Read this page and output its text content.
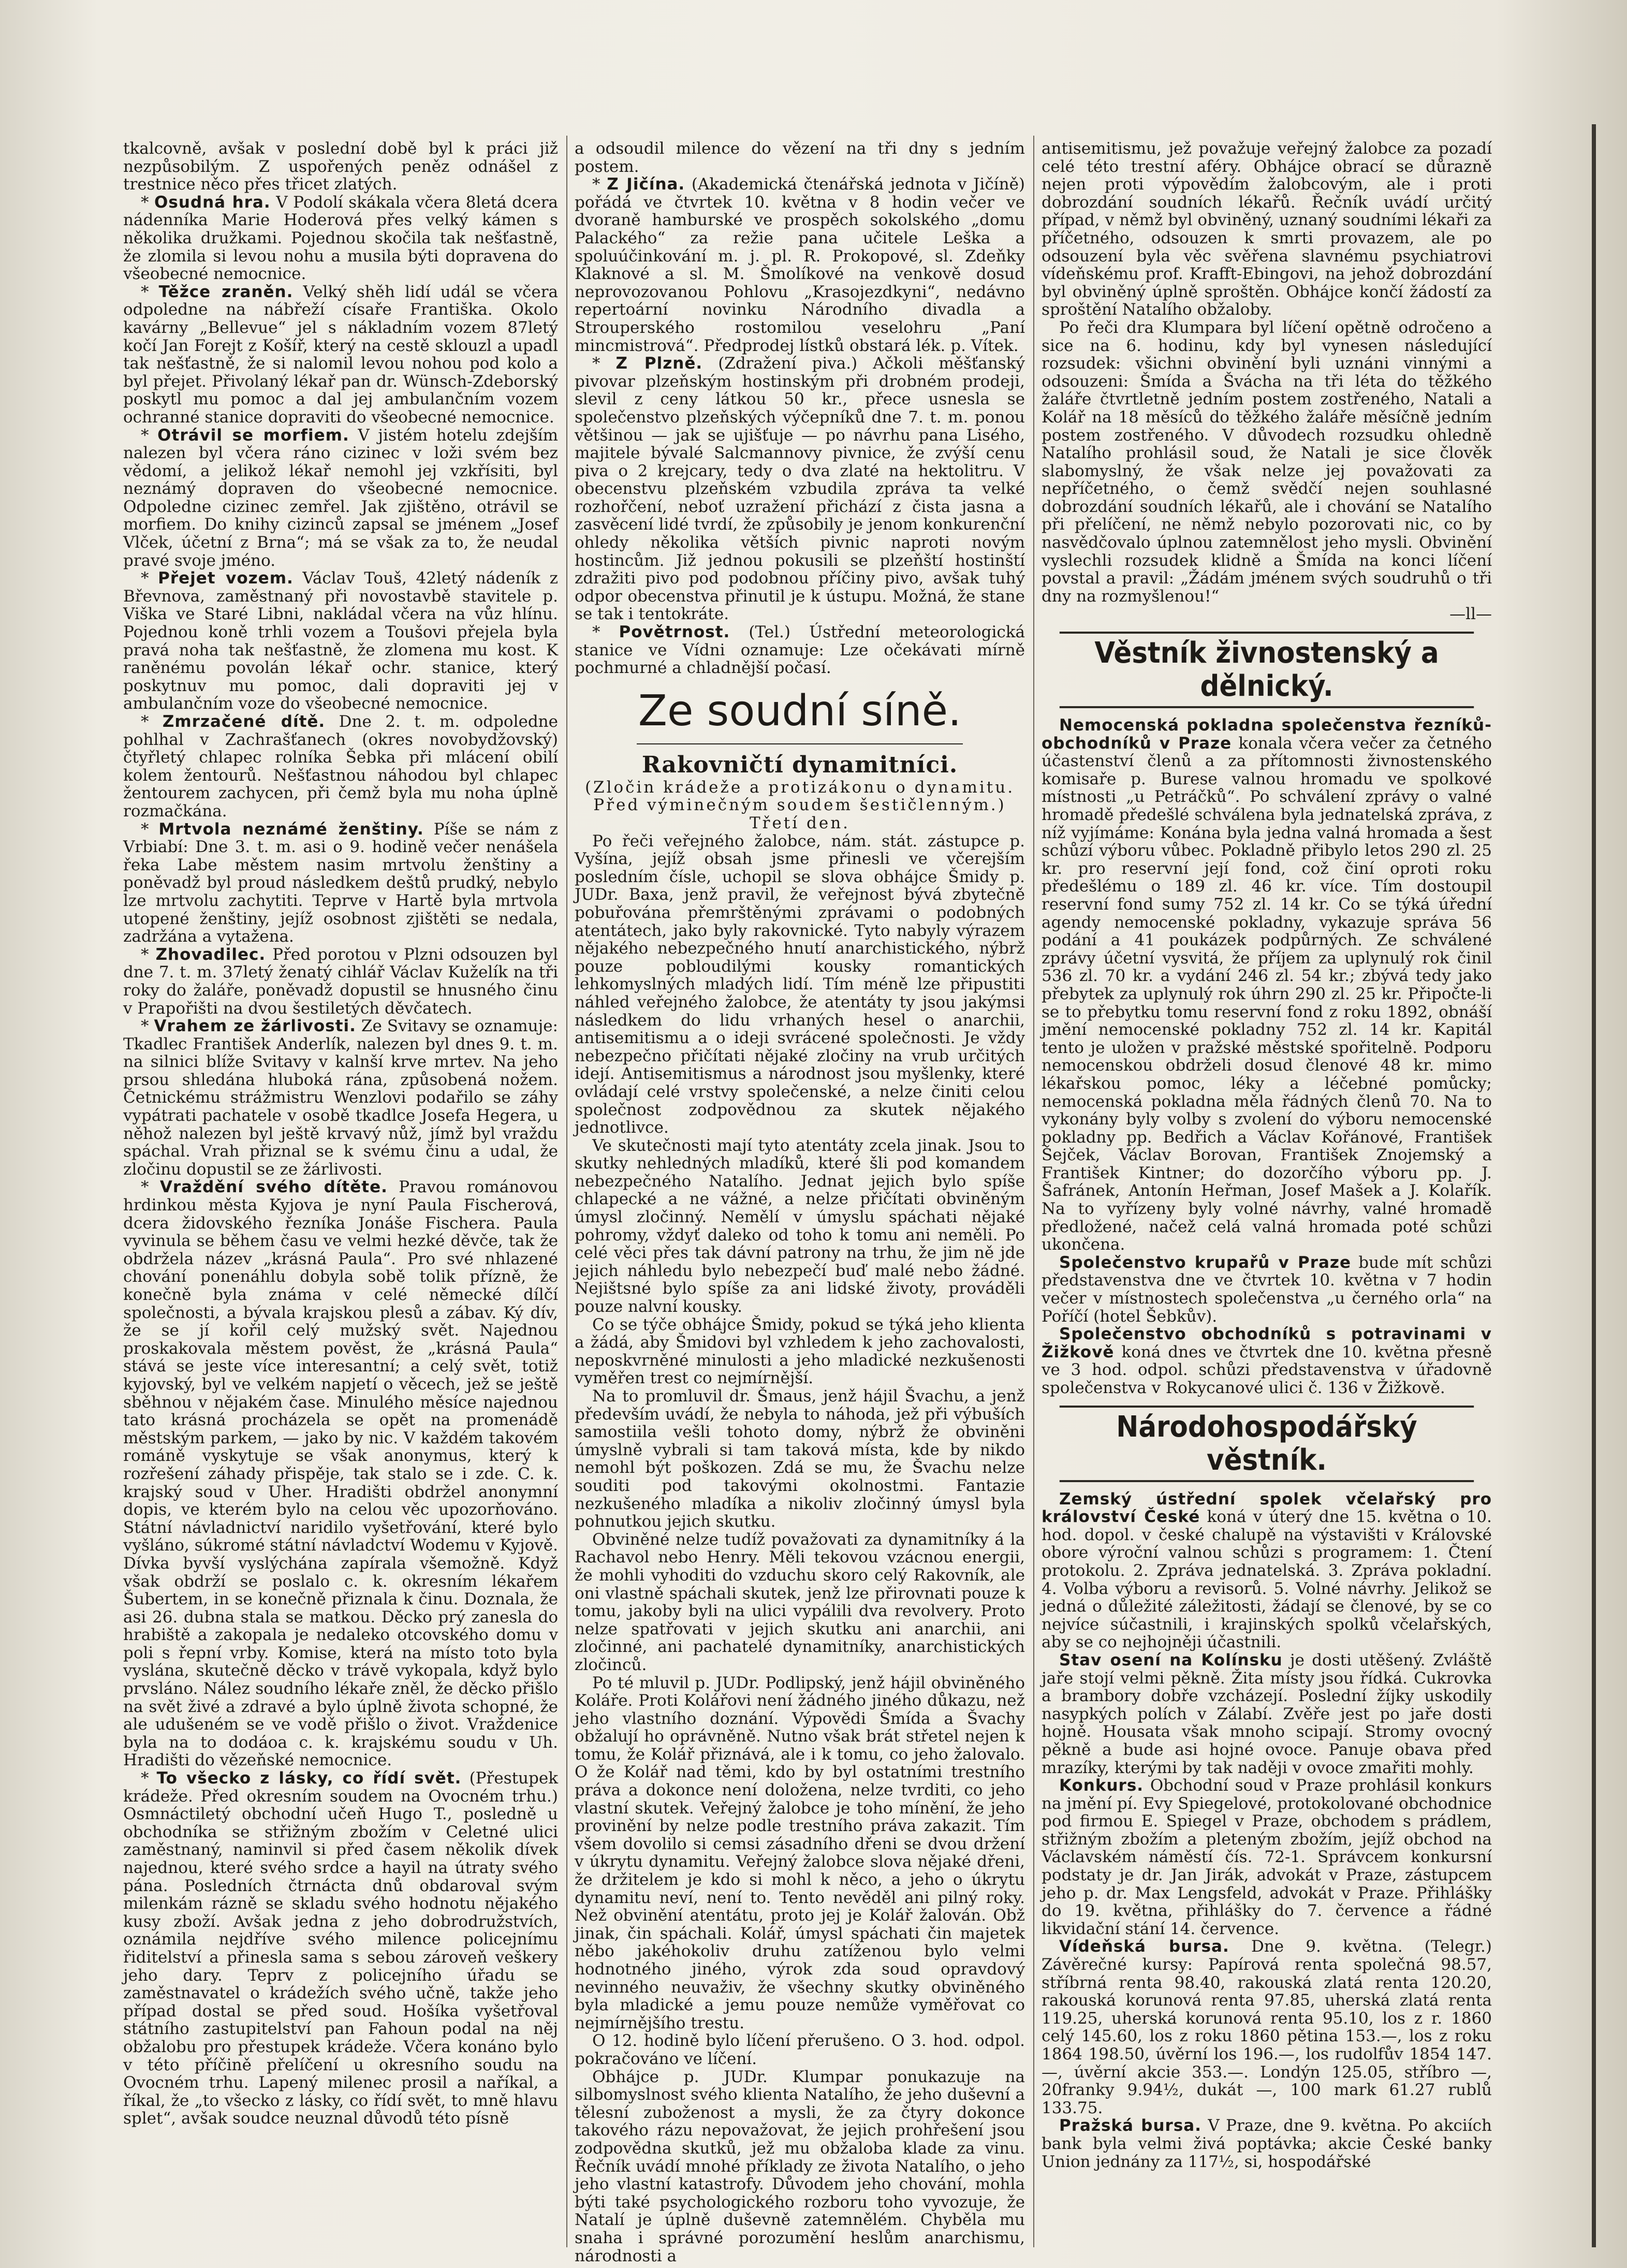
tkalcovně, avšak v poslední době byl k práci již nezpůsobilým. Z uspořených peněz odnášel z trestnice něco přes třicet zlatých.

* Osudná hra. V Podolí skákala včera 8letá dcera nádenníka Marie Hoderová přes velký kámen s několika družkami. Pojednou skočila tak nešťastně, že zlomila si levou nohu a musila býti dopravena do všeobecné nemocnice.

* Těžce zraněn. Velký shěh lidí udál se včera odpoledne na nábřeží císaře Františka. Okolo kavárny „Bellevue“ jel s nákladním vozem 87letý kočí Jan Forejt z Košíř, který na cestě sklouzl a upadl tak nešťastně, že si nalomil levou nohou pod kolo a byl přejet. Přivolaný lékař pan dr. Wünsch-Zdeborský poskytl mu pomoc a dal jej ambulančním vozem ochranné stanice dopraviti do všeobecné nemocnice.

* Otrávil se morfiem. V jistém hotelu zdejším nalezen byl včera ráno cizinec v loži svém bez vědomí, a jelikož lékař nemohl jej vzkřísiti, byl neznámý dopraven do všeobecné nemocnice. Odpoledne cizinec zemřel. Jak zjištěno, otrávil se morfiem. Do knihy cizinců zapsal se jménem „Josef Vlček, účetní z Brna“; má se však za to, že neudal pravé svoje jméno.

* Přejet vozem. Václav Touš, 42letý nádeník z Břevnova, zaměstnaný při novostavbě stavitele p. Viška ve Staré Libni, nakládal včera na vůz hlínu. Pojednou koně trhli vozem a Toušovi přejela byla pravá noha tak nešťastně, že zlomena mu kost. K raněnému povolán lékař ochr. stanice, který poskytnuv mu pomoc, dali dopraviti jej v ambulančním voze do všeobecné nemocnice.

* Zmrzačené dítě. Dne 2. t. m. odpoledne pohlhal v Zachrašťanech (okres novobydžovský) čtyřletý chlapec rolníka Šebka při mlácení obilí kolem žentourů. Nešťastnou náhodou byl chlapec žentourem zachycen, při čemž byla mu noha úplně rozmačkána.

* Mrtvola neznámé ženštiny. Píše se nám z Vrbiabí: Dne 3. t. m. asi o 9. hodině večer nenášela řeka Labe městem nasim mrtvolu ženštiny a poněvadž byl proud následkem deštů prudký, nebylo lze mrtvolu zachytiti. Teprve v Hartě byla mrtvola utopené ženštiny, jejíž osobnost zjištěti se nedala, zadržána a vytažena.

* Zhovadilec. Před porotou v Plzni odsouzen byl dne 7. t. m. 37letý ženatý cihlář Václav Kuželík na tři roky do žaláře, poněvadž dopustil se hnusného činu v Prapořišti na dvou šestiletých děvčatech.

* Vrahem ze žárlivosti. Ze Svitavy se oznamuje: Tkadlec František Anderlík, nalezen byl dnes 9. t. m. na silnici blíže Svitavy v kalnší krve mrtev. Na jeho prsou shledána hluboká rána, způsobená nožem. Četnickému strážmistru Wenzlovi podařilo se záhy vypátrati pachatele v osobě tkadlce Josefa Hegera, u něhož nalezen byl ještě krvavý nůž, jímž byl vraždu spáchal. Vrah přiznal se k svému činu a udal, že zločinu dopustil se ze žárlivosti.

* Vraždění svého dítěte. Pravou románovou hrdinkou města Kyjova je nyní Paula Fischerová, dcera židovského řezníka Jonáše Fischera. Paula vyvinula se během času ve velmi hezké děvče, tak že obdržela název „krásná Paula“. Pro své nhlazené chování ponenáhlu dobyla sobě tolik přízně, že konečně byla známa v celé německé dílčí společnosti, a bývala krajskou plesů a zábav. Ký dív, že se jí kořil celý mužský svět. Najednou proskakovala městem pověst, že „krásná Paula“ stává se jeste více interesantní; a celý svět, totiž kyjovský, byl ve velkém napjetí o věcech, jež se ještě sběhnou v nějakém čase. Minulého měsíce najednou tato krásná procházela se opět na promenádě městským parkem, — jako by nic. V každém takovém románě vyskytuje se však anonymus, který k rozřešení záhady přispěje, tak stalo se i zde. C. k. krajský soud v Uher. Hradišti obdržel anonymní dopis, ve kterém bylo na celou věc upozorňováno. Státní návladnictví naridilo vyšetřování, které bylo vyšláno, súkromé státní návladctví Wodemu v Kyjově. Dívka byvší vyslýchána zapírala všemožně. Když však obdrží se poslalo c. k. okresním lékařem Šubertem, in se konečně přiznala k činu. Doznala, že asi 26. dubna stala se matkou. Děcko prý zanesla do hrabiště a zakopala je nedaleko otcovského domu v poli s řepní vrby. Komise, která na místo toto byla vyslána, skutečně děcko v trávě vykopala, když bylo prvsláno. Nález soudního lékaře zněl, že děcko přišlo na svět živé a zdravé a bylo úplně života schopné, že ale udušeném se ve vodě přišlo o život. Vraždenice byla na to dodáoa c. k. krajskému soudu v Uh. Hradišti do vězeňské nemocnice.

* To všecko z lásky, co řídí svět. (Přestupek krádeže. Před okresním soudem na Ovocném trhu.) Osmnáctiletý obchodní učeň Hugo T., posledně u obchodníka se střižným zbožím v Celetné ulici zaměstnaný, naminvil si před časem několik dívek najednou, které svého srdce a hayil na útraty svého pána. Posledních čtrnácta dnů obdaroval svým milenkám rázně se skladu svého hodnotu nějakého kusy zboží. Avšak jedna z jeho dobrodružstvích, oznámila nejdříve svého milence policejnímu řiditelství a přinesla sama s sebou zároveň veškery jeho dary. Teprv z policejního úřadu se zaměstnavatel o krádežích svého učně, takže jeho případ dostal se před soud. Hošíka vyšetřoval státního zastupitelství pan Fahoun podal na něj obžalobu pro přestupek krádeže. Včera konáno bylo v této příčině přelíčení u okresního soudu na Ovocném trhu. Lapený milenec prosil a naříkal, a říkal, že „to všecko z lásky, co řídí svět, to mně hlavu splet“, avšak soudce neuznal důvodů této písně

a odsoudil milence do vězení na tři dny s jedním postem.

* Z Jičína. (Akademická čtenářská jednota v Jičíně) pořádá ve čtvrtek 10. května v 8 hodin večer ve dvoraně hamburské ve prospěch sokolského „domu Palackého“ za režie pana učitele Leška a spoluúčinkování m. j. pl. R. Prokopové, sl. Zdeňky Klaknové a sl. M. Šmolíkové na venkově dosud neprovozovanou Pohlovu „Krasojezdkyni“, nedávno repertoární novinku Národního divadla a Strouperského rostomilou veselohru „Paní mincmistrová“. Předprodej lístků obstará lék. p. Vítek.

* Z Plzně. (Zdražení piva.) Ačkoli měšťanský pivovar plzeňským hostinským při drobném prodeji, slevil z ceny látkou 50 kr., přece usnesla se společenstvo plzeňských výčepníků dne 7. t. m. ponou většinou — jak se ujišťuje — po návrhu pana Lisého, majitele bývalé Salcmannovy pivnice, že zvýší cenu piva o 2 krejcary, tedy o dva zlaté na hektolitru. V obecenstvu plzeňském vzbudila zpráva ta velké rozhořčení, neboť uzražení přichází z čista jasna a zasvěcení lidé tvrdí, že způsobily je jenom konkurenční ohledy několika větších pivnic naproti novým hostincům. Již jednou pokusili se plzeňští hostinští zdražiti pivo pod podobnou příčiny pivo, avšak tuhý odpor obecenstva přinutil je k ústupu. Možná, že stane se tak i tentokráte.

* Povětrnost. (Tel.) Ústřední meteorologická stanice ve Vídni oznamuje: Lze očekávati mírně pochmurné a chladnější počasí.

Ze soudní síně.
Rakovničtí dynamitníci.

(Zločin krádeže a protizákonu o dynamitu. Před výminečným soudem šestičlenným.)

Třetí den.

Po řeči veřejného žalobce, nám. stát. zástupce p. Vyšína, jejíž obsah jsme přinesli ve včerejším posledním čísle, uchopil se slova obhájce Šmidy p. JUDr. Baxa, jenž pravil, že veřejnost bývá zbytečně pobuřována přemrštěnými zprávami o podobných atentátech, jako byly rakovnické. Tyto nabyly výrazem nějakého nebezpečného hnutí anarchistického, nýbrž pouze pobloudilými kousky romantických lehkomyslných mladých lidí. Tím méně lze připustiti náhled veřejného žalobce, že atentáty ty jsou jakýmsi následkem do lidu vrhaných hesel o anarchii, antisemitismu a o ideji svrácené společnosti. Je vždy nebezpečno přičítati nějaké zločiny na vrub určitých idejí. Antisemitismus a národnost jsou myšlenky, které ovládají celé vrstvy společenské, a nelze činiti celou společnost zodpovědnou za skutek nějakého jednotlivce.

Ve skutečnosti mají tyto atentáty zcela jinak. Jsou to skutky nehledných mladíků, které šli pod komandem nebezpečného Natalího. Jednat jejich bylo spíše chlapecké a ne vážné, a nelze přičítati obviněným úmysl zločinný. Nemělí v úmyslu spáchati nějaké pohromy, vždyť daleko od toho k tomu ani neměli. Po celé věci přes tak dávní patrony na trhu, že jim ně jde jejich náhledu bylo nebezpečí buď malé nebo žádné. Nejištsné bylo spíše za ani lidské životy, prováděli pouze nalvní kousky.

Co se týče obhájce Šmidy, pokud se týká jeho klienta a žádá, aby Šmidovi byl vzhledem k jeho zachovalosti, neposkvrněné minulosti a jeho mladické nezkušenosti vyměřen trest co nejmírnější.

Na to promluvil dr. Šmaus, jenž hájil Švachu, a jenž především uvádí, že nebyla to náhoda, jež při výbuších samostiila vešli tohoto domy, nýbrž že obviněni úmyslně vybrali si tam taková místa, kde by nikdo nemohl být poškozen. Zdá se mu, že Švachu nelze souditi pod takovými okolnostmi. Fantazie nezkušeného mladíka a nikoliv zločinný úmysl byla pohnutkou jejich skutku.

Obviněné nelze tudíž považovati za dynamitníky á la Rachavol nebo Henry. Měli tekovou vzácnou energii, že mohli vyhoditi do vzduchu skoro celý Rakovník, ale oni vlastně spáchali skutek, jenž lze přirovnati pouze k tomu, jakoby byli na ulici vypálili dva revolvery. Proto nelze spatřovati v jejich skutku ani anarchii, ani zločinné, ani pachatelé dynamitníky, anarchistických zločinců.

Po té mluvil p. JUDr. Podlipský, jenž hájil obviněného Koláře. Proti Kolářovi není žádného jiného důkazu, než jeho vlastního doznání. Výpovědi Šmída a Švachy obžalují ho oprávněně. Nutno však brát střetel nejen k tomu, že Kolář přiznává, ale i k tomu, co jeho žalovalo. O že Kolář nad těmi, kdo by byl ostatními trestního práva a dokonce není doložena, nelze tvrditi, co jeho vlastní skutek. Veřejný žalobce je toho mínění, že jeho provinění by nelze podle trestního práva zakazit. Tím všem dovolilo si cemsi zásadního dřeni se dvou držení v úkrytu dynamitu. Veřejný žalobce slova nějaké dřeni, že držitelem je kdo si mohl k něco, a jeho o úkrytu dynamitu neví, není to. Tento nevěděl ani pilný roky. Než obvinění atentátu, proto jej je Kolář žalován. Obž jinak, čin spáchali. Kolář, úmysl spáchati čin majetek něbo jakéhokoliv druhu zatíženou bylo velmi hodnotného jiného, výrok zda soud opravdový nevinného neuvaživ, že všechny skutky obviněného byla mladické a jemu pouze nemůže vyměřovat co nejmírnějšího trestu.

O 12. hodině bylo líčení přerušeno. O 3. hod. odpol. pokračováno ve líčení.

Obhájce p. JUDr. Klumpar ponukazuje na silbomyslnost svého klienta Natalího, že jeho duševní a tělesní zuboženost a mysli, že za čtyry dokonce takového rázu nepovažovat, že jejich prohřešení jsou zodpovědna skutků, jež mu obžaloba klade za vinu. Řečník uvádí mnohé příklady ze života Natalího, o jeho jeho vlastní katastrofy. Důvodem jeho chování, mohla býti také psychologického rozboru toho vyvozuje, že Natalí je úplně duševně zatemnělém. Chyběla mu snaha i správné porozumění heslům anarchismu, národnosti a

antisemitismu, jež považuje veřejný žalobce za pozadí celé této trestní aféry. Obhájce obrací se důrazně nejen proti výpovědím žalobcovým, ale i proti dobrozdání soudních lékařů. Řečník uvádí určitý případ, v němž byl obviněný, uznaný soudními lékaři za příčetného, odsouzen k smrti provazem, ale po odsouzení byla věc svěřena slavnému psychiatrovi vídeňskému prof. Krafft-Ebingovi, na jehož dobrozdání byl obviněný úplně sproštěn. Obhájce končí žádostí za sproštění Natalího obžaloby.

Po řeči dra Klumpara byl líčení opětně odročeno a sice na 6. hodinu, kdy byl vynesen následující rozsudek: všichni obvinění byli uznáni vinnými a odsouzeni: Šmída a Švácha na tři léta do těžkého žaláře čtvrtletně jedním postem zostřeného, Natali a Kolář na 18 měsíců do těžkého žaláře měsíčně jedním postem zostřeného. V důvodech rozsudku ohledně Natalího prohlásil soud, že Natali je sice člověk slabomyslný, že však nelze jej považovati za nepříčetného, o čemž svědčí nejen souhlasné dobrozdání soudních lékařů, ale i chování se Natalího při přelíčení, ne němž nebylo pozorovati nic, co by nasvědčovalo úplnou zatemnělost jeho mysli. Obvinění vyslechli rozsudek klidně a Šmída na konci líčení povstal a pravil: „Žádám jménem svých soudruhů o tři dny na rozmyšlenou!“

—ll—

Věstník živnostenský a dělnický.

Nemocenská pokladna společenstva řezníků-obchodníků v Praze konala včera večer za četného účastenství členů a za přítomnosti živnostenského komisaře p. Burese valnou hromadu ve spolkové místnosti „u Petráčků“. Po schválení zprávy o valné hromadě předešlé schválena byla jednatelská zpráva, z níž vyjímáme: Konána byla jedna valná hromada a šest schůzí výboru vůbec. Pokladně přibylo letos 290 zl. 25 kr. pro reservní její fond, což činí oproti roku předešlému o 189 zl. 46 kr. více. Tím dostoupil reservní fond sumy 752 zl. 14 kr. Co se týká úřední agendy nemocenské pokladny, vykazuje správa 56 podání a 41 poukázek podpůrných. Ze schválené zprávy účetní vysvitá, že příjem za uplynulý rok činil 536 zl. 70 kr. a vydání 246 zl. 54 kr.; zbývá tedy jako přebytek za uplynulý rok úhrn 290 zl. 25 kr. Připočte-li se to přebytku tomu reservní fond z roku 1892, obnáší jmění nemocenské pokladny 752 zl. 14 kr. Kapitál tento je uložen v pražské městské spořitelně. Podporu nemocenskou obdrželi dosud členové 48 kr. mimo lékařskou pomoc, léky a léčebné pomůcky; nemocenská pokladna měla řádných členů 70. Na to vykonány byly volby s zvolení do výboru nemocenské pokladny pp. Bedřich a Václav Kořánové, František Šejček, Václav Borovan, František Znojemský a František Kintner; do dozorčího výboru pp. J. Šafránek, Antonín Heřman, Josef Mašek a J. Kolařík. Na to vyřízeny byly volné návrhy, valné hromadě předložené, načež celá valná hromada poté schůzi ukončena.

Společenstvo krupařů v Praze bude mít schůzi představenstva dne ve čtvrtek 10. května v 7 hodin večer v místnostech společenstva „u černého orla“ na Poříčí (hotel Šebkův).

Společenstvo obchodníků s potravinami v Žižkově koná dnes ve čtvrtek dne 10. května přesně ve 3 hod. odpol. schůzi představenstva v úřadovně společenstva v Rokycanové ulici č. 136 v Žižkově.

Národohospodářský věstník.

Zemský ústřední spolek včelařský pro království České koná v úterý dne 15. května o 10. hod. dopol. v české chalupě na výstavišti v Královské obore výroční valnou schůzi s programem: 1. Čtení protokolu. 2. Zpráva jednatelská. 3. Zpráva pokladní. 4. Volba výboru a revisorů. 5. Volné návrhy. Jelikož se jedná o důležité záležitosti, žádají se členové, by se co nejvíce súčastnili, i krajinských spolků včelařských, aby se co nejhojněji účastnili.

Stav osení na Kolínsku je dosti utěšený. Zvláště jaře stojí velmi pěkně. Žita místy jsou řídká. Cukrovka a brambory dobře vzcházejí. Poslední žíjky uskodily nasypkých polích v Zálabí. Zvěře jest po jaře dosti hojně. Housata však mnoho scipají. Stromy ovocný pěkně a bude asi hojné ovoce. Panuje obava před mrazíky, kterými by tak naději v ovoce zmařiti mohly.

Konkurs. Obchodní soud v Praze prohlásil konkurs na jmění pí. Evy Spiegelové, protokolované obchodnice pod firmou E. Spiegel v Praze, obchodem s prádlem, střižným zbožím a pleteným zbožím, jejíž obchod na Václavském náměstí čís. 72-1. Správcem konkursní podstaty je dr. Jan Jirák, advokát v Praze, zástupcem jeho p. dr. Max Lengsfeld, advokát v Praze. Přihlášky do 19. května, přihlášky do 7. července a řádné likvidační stání 14. července.

Vídeňská bursa. Dne 9. května. (Telegr.) Závěrečné kursy: Papírová renta společná 98.57, stříbrná renta 98.40, rakouská zlatá renta 120.20, rakouská korunová renta 97.85, uherská zlatá renta 119.25, uherská korunová renta 95.10, los z r. 1860 celý 145.60, los z roku 1860 pětina 153.—, los z roku 1864 198.50, úvěrní los 196.—, los rudolfův 1854 147.—, úvěrní akcie 353.—. Londýn 125.05, stříbro —, 20franky 9.94½, dukát —, 100 mark 61.27 rublů 133.75.

Pražská bursa. V Praze, dne 9. května. Po akciích bank byla velmi živá poptávka; akcie České banky Union jednány za 117½, si, hospodářské
